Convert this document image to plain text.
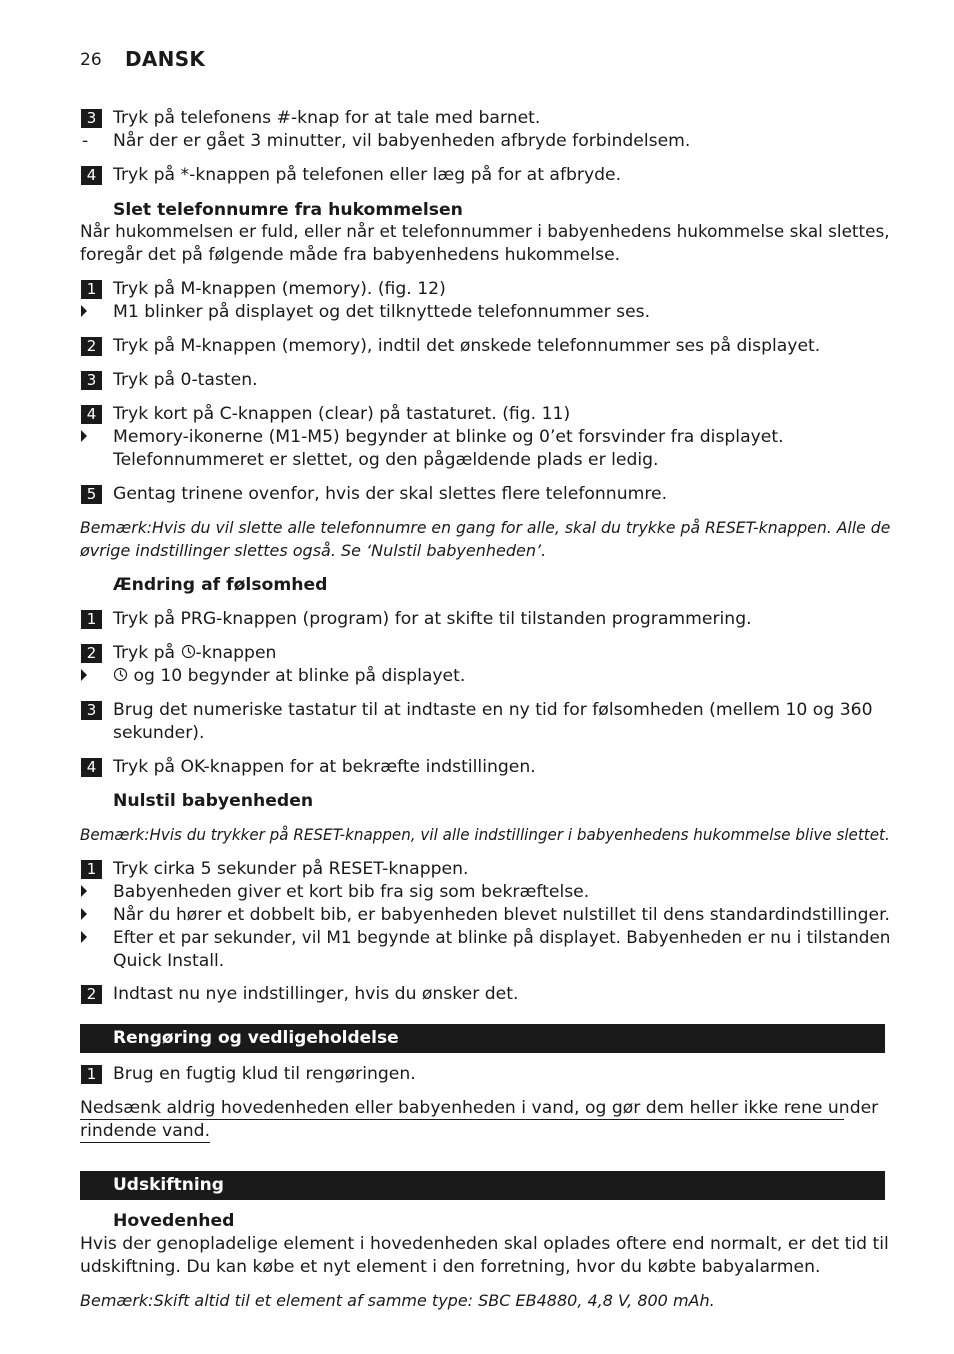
26 DANSK
3 Tryk på telefonens #-knap for at tale med barnet.
- Når der er gået 3 minutter, vil babyenheden afbryde forbindelsem.
4 Tryk på *-knappen på telefonen eller læg på for at afbryde.
Slet telefonnumre fra hukommelsen
Når hukommelsen er fuld, eller når et telefonnummer i babyenhedens hukommelse skal slettes,
foregår det på følgende måde fra babyenhedens hukommelse.
1 Tryk på M-knappen (memory). (fig. 12)
M1 blinker på displayet og det tilknyttede telefonnummer ses.
2 Tryk på M-knappen (memory), indtil det ønskede telefonnummer ses på displayet.
3 Tryk på 0-tasten.
4 Tryk kort på C-knappen (clear) på tastaturet. (fig. 11)
Memory-ikonerne (M1-M5) begynder at blinke og 0’et forsvinder fra displayet.
Telefonnummeret er slettet, og den pågældende plads er ledig.
5 Gentag trinene ovenfor, hvis der skal slettes flere telefonnumre.
Bemærk:Hvis du vil slette alle telefonnumre en gang for alle, skal du trykke på RESET-knappen. Alle de
øvrige indstillinger slettes også. Se ‘Nulstil babyenheden’.
Ændring af følsomhed
1 Tryk på PRG-knappen (program) for at skifte til tilstanden programmering.
2 Tryk på -knappen
og 10 begynder at blinke på displayet.
3 Brug det numeriske tastatur til at indtaste en ny tid for følsomheden (mellem 10 og 360
sekunder).
4 Tryk på OK-knappen for at bekræfte indstillingen.
Nulstil babyenheden
Bemærk:Hvis du trykker på RESET-knappen, vil alle indstillinger i babyenhedens hukommelse blive slettet.
1 Tryk cirka 5 sekunder på RESET-knappen.
Babyenheden giver et kort bib fra sig som bekræftelse.
Når du hører et dobbelt bib, er babyenheden blevet nulstillet til dens standardindstillinger.
Efter et par sekunder, vil M1 begynde at blinke på displayet. Babyenheden er nu i tilstanden
Quick Install.
2 Indtast nu nye indstillinger, hvis du ønsker det.
Rengøring og vedligeholdelse
1 Brug en fugtig klud til rengøringen.
Nedsænk aldrig hovedenheden eller babyenheden i vand, og gør dem heller ikke rene under
rindende vand.
Udskiftning
Hovedenhed
Hvis der genopladelige element i hovedenheden skal oplades oftere end normalt, er det tid til
udskiftning. Du kan købe et nyt element i den forretning, hvor du købte babyalarmen.
Bemærk:Skift altid til et element af samme type: SBC EB4880, 4,8 V, 800 mAh.
